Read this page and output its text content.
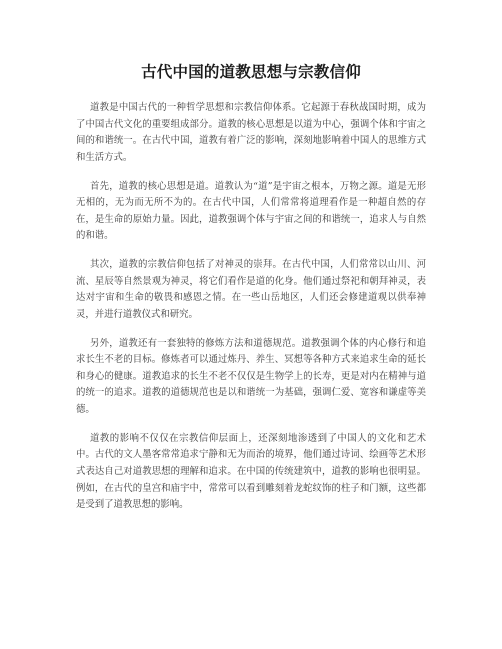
古代中国的道教思想与宗教信仰

道教是中国古代的一种哲学思想和宗教信仰体系。它起源于春秋战国时期，成为了中国古代文化的重要组成部分。道教的核心思想是以道为中心，强调个体和宇宙之间的和谐统一。在古代中国，道教有着广泛的影响，深刻地影响着中国人的思维方式和生活方式。

首先，道教的核心思想是道。道教认为“道”是宇宙之根本，万物之源。道是无形无相的，无为而无所不为的。在古代中国，人们常常将道理看作是一种超自然的存在，是生命的原始力量。因此，道教强调个体与宇宙之间的和谐统一，追求人与自然的和谐。

其次，道教的宗教信仰包括了对神灵的崇拜。在古代中国，人们常常以山川、河流、星辰等自然景观为神灵，将它们看作是道的化身。他们通过祭祀和朝拜神灵，表达对宇宙和生命的敬畏和感恩之情。在一些山岳地区，人们还会修建道观以供奉神灵，并进行道教仪式和研究。

另外，道教还有一套独特的修炼方法和道德规范。道教强调个体的内心修行和追求长生不老的目标。修炼者可以通过炼丹、养生、冥想等各种方式来追求生命的延长和身心的健康。道教追求的长生不老不仅仅是生物学上的长寿，更是对内在精神与道的统一的追求。道教的道德规范也是以和谐统一为基础，强调仁爱、宽容和谦虚等美德。

道教的影响不仅仅在宗教信仰层面上，还深刻地渗透到了中国人的文化和艺术中。古代的文人墨客常常追求宁静和无为而治的境界，他们通过诗词、绘画等艺术形式表达自己对道教思想的理解和追求。在中国的传统建筑中，道教的影响也很明显。例如，在古代的皇宫和庙宇中，常常可以看到雕刻着龙蛇纹饰的柱子和门额，这些都是受到了道教思想的影响。
